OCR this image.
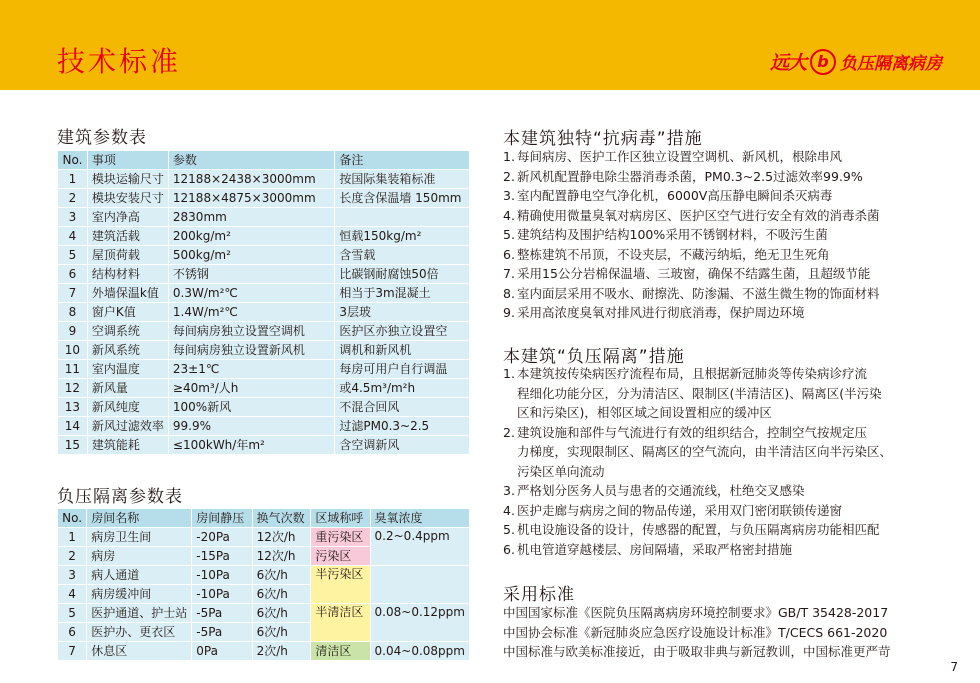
技术标准	远大 b 负压隔离病房
建筑参数表
No.	事项	参数	备注
1	模块运输尺寸	12188×2438×3000mm	按国际集装箱标准
2	模块安装尺寸	12188×4875×3000mm	长度含保温墙 150mm
3	室内净高	2830mm	
4	建筑活载	200kg/m²	恒载150kg/m²
5	屋顶荷载	500kg/m²	含雪载
6	结构材料	不锈钢	比碳钢耐腐蚀50倍
7	外墙保温k值	0.3W/m²℃	相当于3m混凝土
8	窗户K值	1.4W/m²℃	3层玻
9	空调系统	每间病房独立设置空调机	医护区亦独立设置空
10	新风系统	每间病房独立设置新风机	调机和新风机
11	室内温度	23±1℃	每房可用户自行调温
12	新风量	≥40m³/人h	或4.5m³/m²h
13	新风纯度	100%新风	不混合回风
14	新风过滤效率	99.9%	过滤PM0.3~2.5
15	建筑能耗	≤100kWh/年m²	含空调新风
负压隔离参数表
No.	房间名称	房间静压	换气次数	区域称呼	臭氧浓度
1	病房卫生间	-20Pa	12次/h	重污染区	0.2~0.4ppm
2	病房	-15Pa	12次/h	污染区	
3	病人通道	-10Pa	6次/h	半污染区	
4	病房缓冲间	-10Pa	6次/h		
5	医护通道、护士站	-5Pa	6次/h	半清洁区	0.08~0.12ppm
6	医护办、更衣区	-5Pa	6次/h		
7	休息区	0Pa	2次/h	清洁区	0.04~0.08ppm
本建筑独特“抗病毒”措施
1. 每间病房、医护工作区独立设置空调机、新风机，根除串风
2. 新风机配置静电除尘器消毒杀菌，PM0.3~2.5过滤效率99.9%
3. 室内配置静电空气净化机，6000V高压静电瞬间杀灭病毒
4. 精确使用微量臭氧对病房区、医护区空气进行安全有效的消毒杀菌
5. 建筑结构及围护结构100%采用不锈钢材料，不吸污生菌
6. 整栋建筑不吊顶，不设夹层，不藏污纳垢，绝无卫生死角
7. 采用15公分岩棉保温墙、三玻窗，确保不结露生菌，且超级节能
8. 室内面层采用不吸水、耐擦洗、防渗漏、不滋生微生物的饰面材料
9. 采用高浓度臭氧对排风进行彻底消毒，保护周边环境
本建筑“负压隔离”措施
1. 本建筑按传染病医疗流程布局，且根据新冠肺炎等传染病诊疗流
程细化功能分区，分为清洁区、限制区(半清洁区)、隔离区(半污染
区和污染区)，相邻区域之间设置相应的缓冲区
2. 建筑设施和部件与气流进行有效的组织结合，控制空气按规定压
力梯度，实现限制区、隔离区的空气流向，由半清洁区向半污染区、
污染区单向流动
3. 严格划分医务人员与患者的交通流线，杜绝交叉感染
4. 医护走廊与病房之间的物品传递，采用双门密闭联锁传递窗
5. 机电设施设备的设计，传感器的配置，与负压隔离病房功能相匹配
6. 机电管道穿越楼层、房间隔墙，采取严格密封措施
采用标准
中国国家标准《医院负压隔离病房环境控制要求》GB/T 35428-2017
中国协会标准《新冠肺炎应急医疗设施设计标准》T/CECS 661-2020
中国标准与欧美标准接近，由于吸取非典与新冠教训，中国标准更严苛
7
